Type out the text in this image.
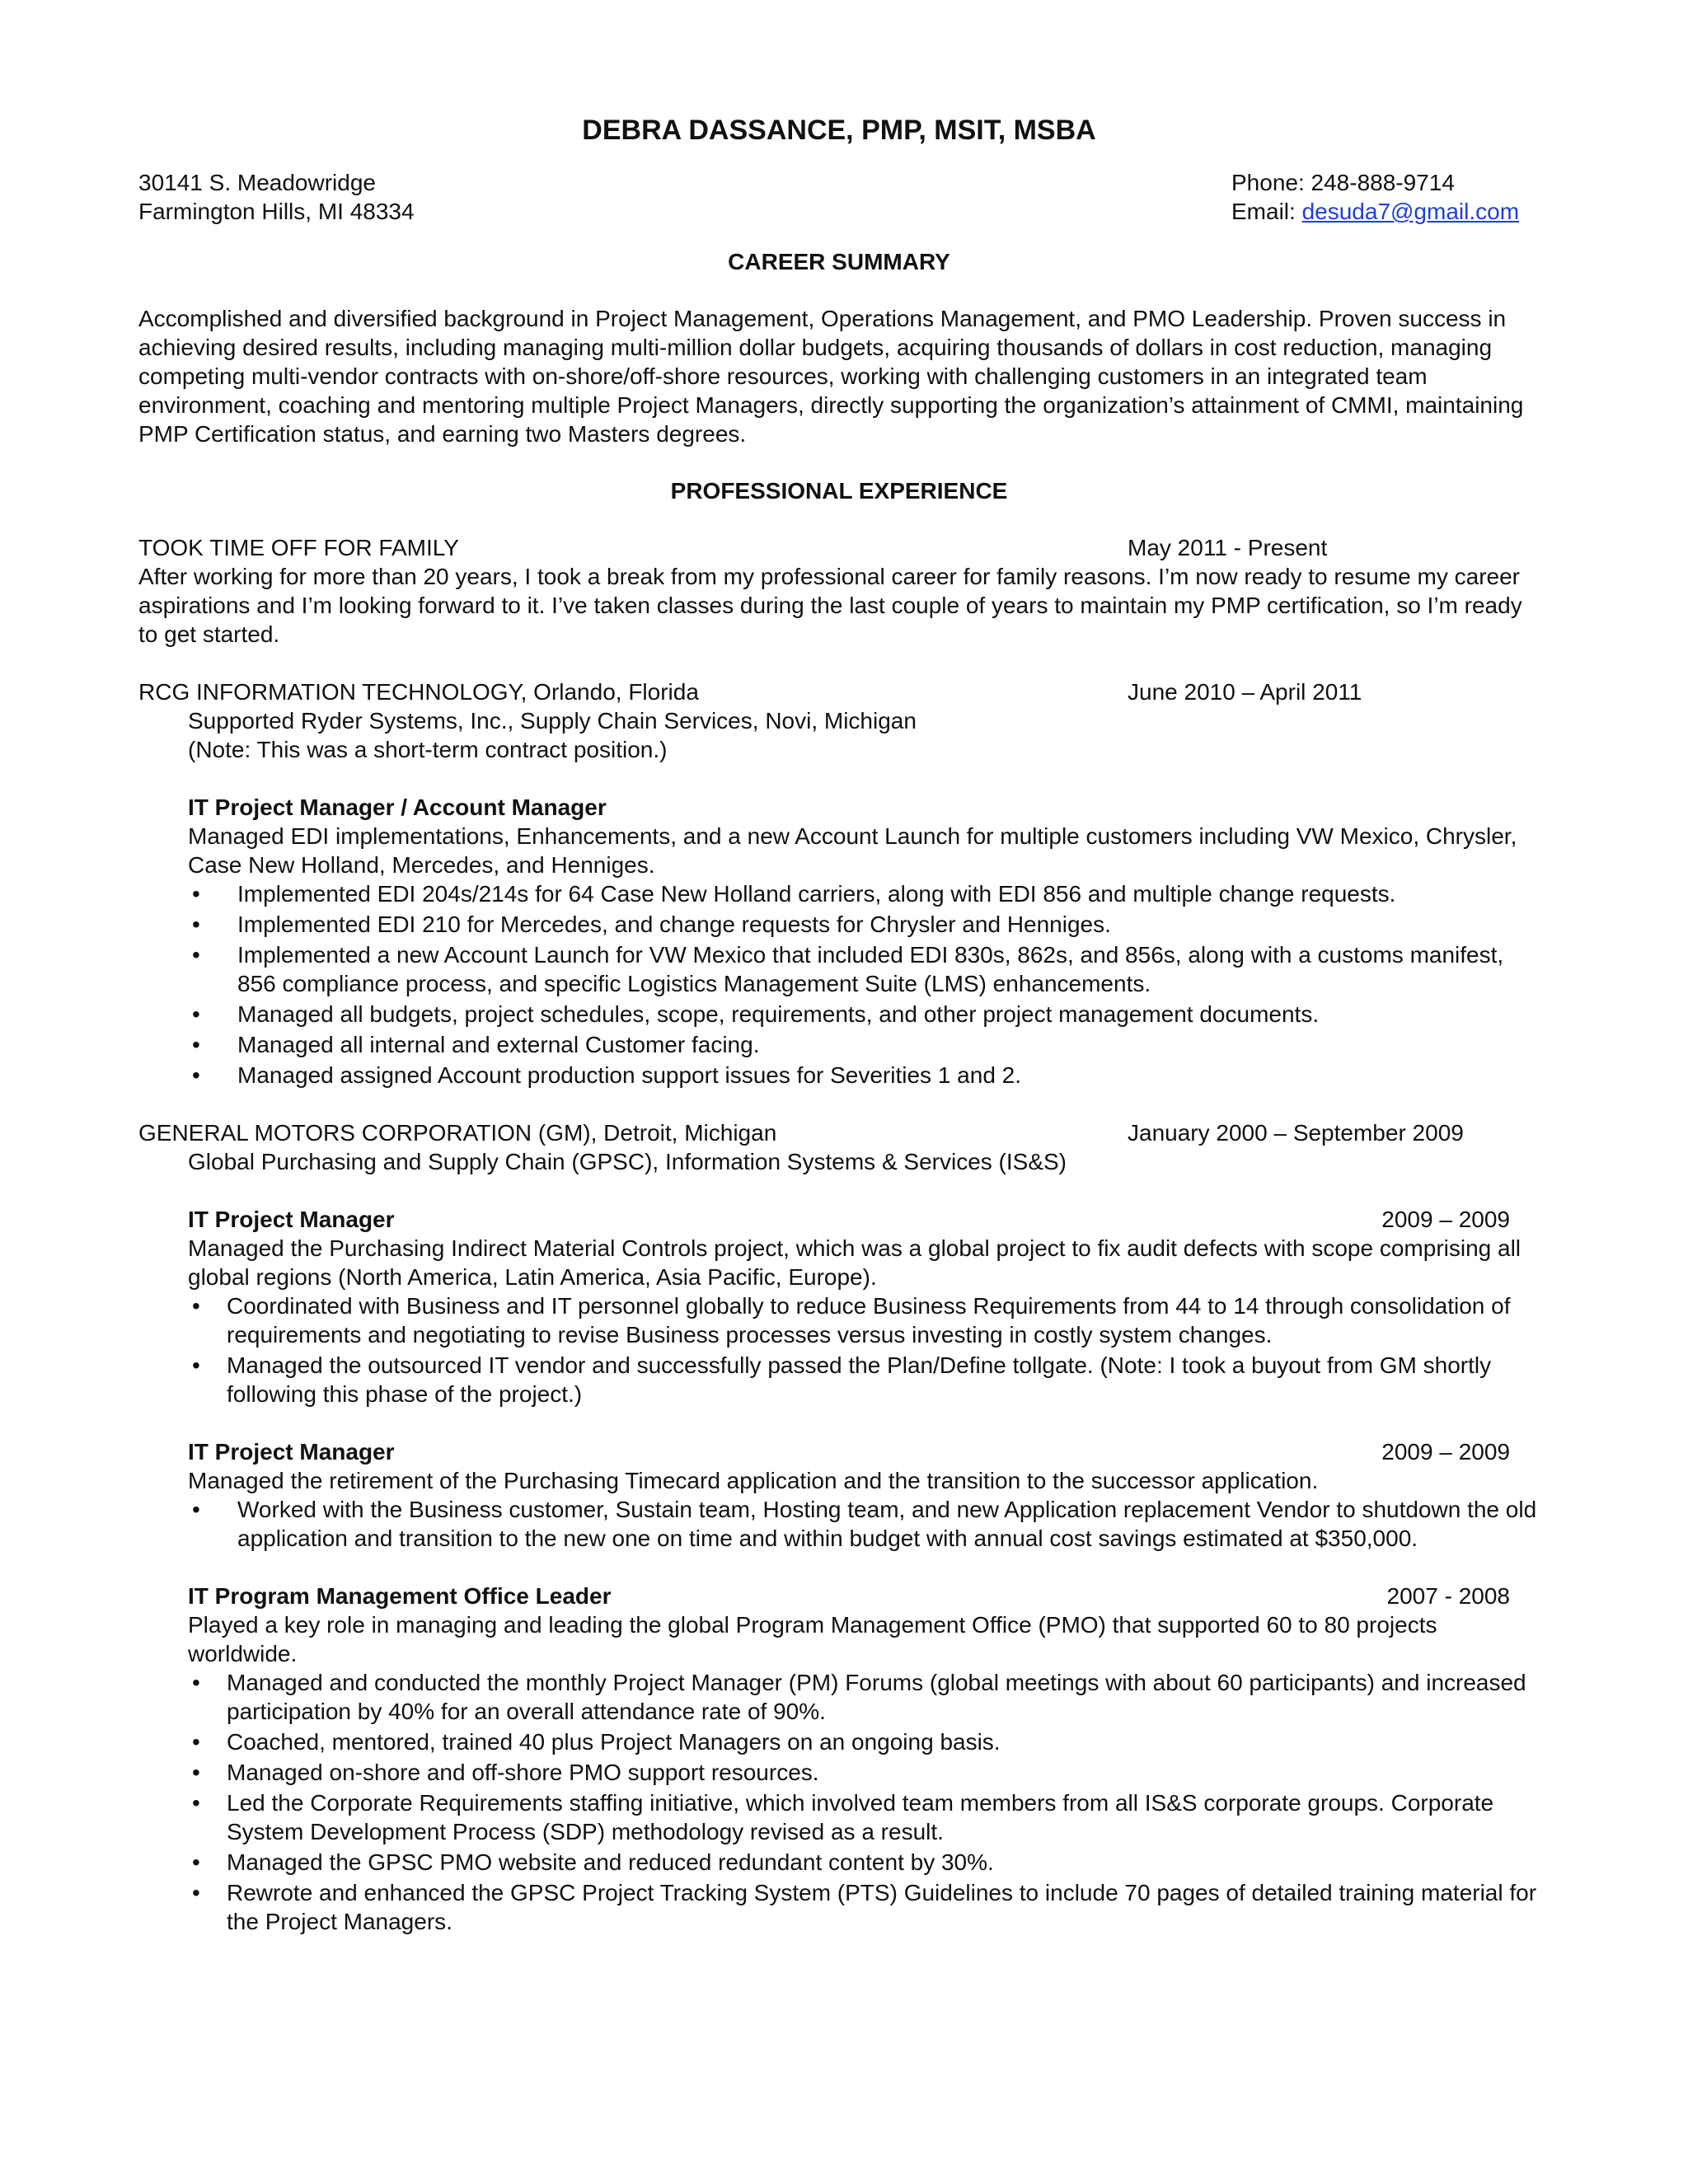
DEBRA DASSANCE, PMP, MSIT, MSBA
30141 S. Meadowridge
Farmington Hills, MI 48334
Phone: 248-888-9714
Email: desuda7@gmail.com
CAREER SUMMARY
Accomplished and diversified background in Project Management, Operations Management, and PMO Leadership. Proven success in achieving desired results, including managing multi-million dollar budgets, acquiring thousands of dollars in cost reduction, managing competing multi-vendor contracts with on-shore/off-shore resources, working with challenging customers in an integrated team environment, coaching and mentoring multiple Project Managers, directly supporting the organization’s attainment of CMMI, maintaining PMP Certification status, and earning two Masters degrees.
PROFESSIONAL EXPERIENCE
TOOK TIME OFF FOR FAMILY	May 2011 - Present
After working for more than 20 years, I took a break from my professional career for family reasons. I’m now ready to resume my career aspirations and I’m looking forward to it. I’ve taken classes during the last couple of years to maintain my PMP certification, so I’m ready to get started.
RCG INFORMATION TECHNOLOGY, Orlando, Florida	June 2010 – April 2011
Supported Ryder Systems, Inc., Supply Chain Services, Novi, Michigan
(Note: This was a short-term contract position.)
IT Project Manager / Account Manager
Managed EDI implementations, Enhancements, and a new Account Launch for multiple customers including VW Mexico, Chrysler, Case New Holland, Mercedes, and Henniges.
• Implemented EDI 204s/214s for 64 Case New Holland carriers, along with EDI 856 and multiple change requests.
• Implemented EDI 210 for Mercedes, and change requests for Chrysler and Henniges.
• Implemented a new Account Launch for VW Mexico that included EDI 830s, 862s, and 856s, along with a customs manifest, 856 compliance process, and specific Logistics Management Suite (LMS) enhancements.
• Managed all budgets, project schedules, scope, requirements, and other project management documents.
• Managed all internal and external Customer facing.
• Managed assigned Account production support issues for Severities 1 and 2.
GENERAL MOTORS CORPORATION (GM), Detroit, Michigan	January 2000 – September 2009
Global Purchasing and Supply Chain (GPSC), Information Systems & Services (IS&S)
IT Project Manager	2009 – 2009
Managed the Purchasing Indirect Material Controls project, which was a global project to fix audit defects with scope comprising all global regions (North America, Latin America, Asia Pacific, Europe).
• Coordinated with Business and IT personnel globally to reduce Business Requirements from 44 to 14 through consolidation of requirements and negotiating to revise Business processes versus investing in costly system changes.
• Managed the outsourced IT vendor and successfully passed the Plan/Define tollgate. (Note: I took a buyout from GM shortly following this phase of the project.)
IT Project Manager	2009 – 2009
Managed the retirement of the Purchasing Timecard application and the transition to the successor application.
• Worked with the Business customer, Sustain team, Hosting team, and new Application replacement Vendor to shutdown the old application and transition to the new one on time and within budget with annual cost savings estimated at $350,000.
IT Program Management Office Leader	2007 - 2008
Played a key role in managing and leading the global Program Management Office (PMO) that supported 60 to 80 projects worldwide.
• Managed and conducted the monthly Project Manager (PM) Forums (global meetings with about 60 participants) and increased participation by 40% for an overall attendance rate of 90%.
• Coached, mentored, trained 40 plus Project Managers on an ongoing basis.
• Managed on-shore and off-shore PMO support resources.
• Led the Corporate Requirements staffing initiative, which involved team members from all IS&S corporate groups. Corporate System Development Process (SDP) methodology revised as a result.
• Managed the GPSC PMO website and reduced redundant content by 30%.
• Rewrote and enhanced the GPSC Project Tracking System (PTS) Guidelines to include 70 pages of detailed training material for the Project Managers.
